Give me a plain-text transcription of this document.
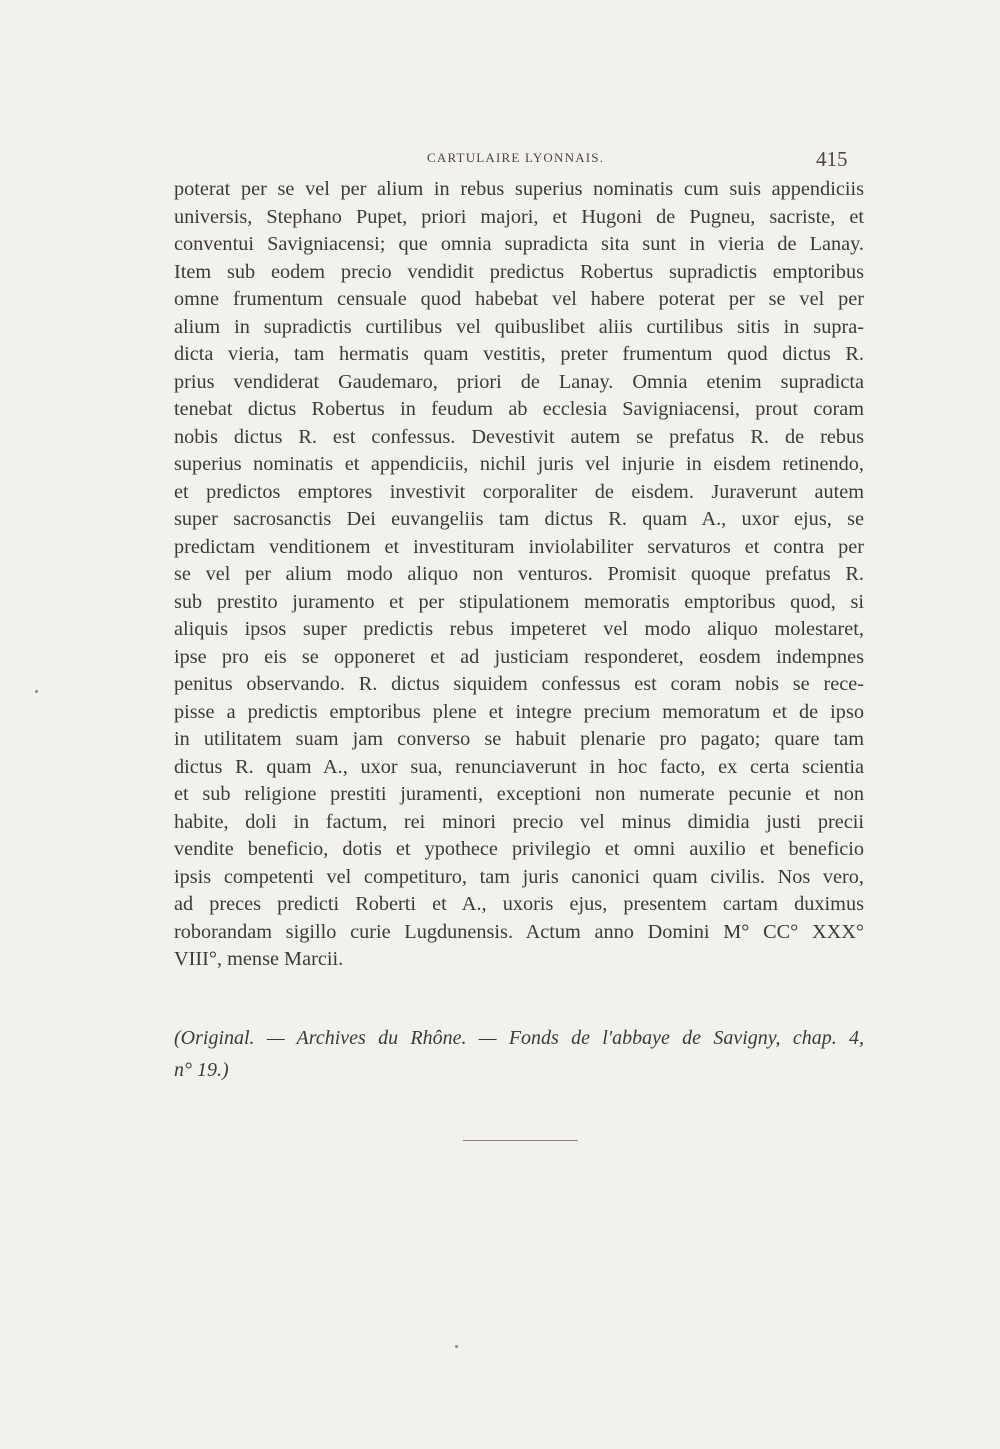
CARTULAIRE LYONNAIS.	415
poterat per se vel per alium in rebus superius nominatis cum suis appendiciis
universis, Stephano Pupet, priori majori, et Hugoni de Pugneu, sacriste, et
conventui Savigniacensi; que omnia supradicta sita sunt in vieria de Lanay.
Item sub eodem precio vendidit predictus Robertus supradictis emptoribus
omne frumentum censuale quod habebat vel habere poterat per se vel per
alium in supradictis curtilibus vel quibuslibet aliis curtilibus sitis in supra-
dicta vieria, tam hermatis quam vestitis, preter frumentum quod dictus R.
prius vendiderat Gaudemaro, priori de Lanay. Omnia etenim supradicta
tenebat dictus Robertus in feudum ab ecclesia Savigniacensi, prout coram
nobis dictus R. est confessus. Devestivit autem se prefatus R. de rebus
superius nominatis et appendiciis, nichil juris vel injurie in eisdem retinendo,
et predictos emptores investivit corporaliter de eisdem. Juraverunt autem
super sacrosanctis Dei euvangeliis tam dictus R. quam A., uxor ejus, se
predictam venditionem et investituram inviolabiliter servaturos et contra per
se vel per alium modo aliquo non venturos. Promisit quoque prefatus R.
sub prestito juramento et per stipulationem memoratis emptoribus quod, si
aliquis ipsos super predictis rebus impeteret vel modo aliquo molestaret,
ipse pro eis se opponeret et ad justiciam responderet, eosdem indempnes
penitus observando. R. dictus siquidem confessus est coram nobis se rece-
pisse a predictis emptoribus plene et integre precium memoratum et de ipso
in utilitatem suam jam converso se habuit plenarie pro pagato; quare tam
dictus R. quam A., uxor sua, renunciaverunt in hoc facto, ex certa scientia
et sub religione prestiti juramenti, exceptioni non numerate pecunie et non
habite, doli in factum, rei minori precio vel minus dimidia justi precii
vendite beneficio, dotis et ypothece privilegio et omni auxilio et beneficio
ipsis competenti vel competituro, tam juris canonici quam civilis. Nos vero,
ad preces predicti Roberti et A., uxoris ejus, presentem cartam duximus
roborandam sigillo curie Lugdunensis. Actum anno Domini M° CC° XXX°
VIII°, mense Marcii.
(Original. — Archives du Rhône. — Fonds de l'abbaye de Savigny, chap. 4,
n° 19.)
